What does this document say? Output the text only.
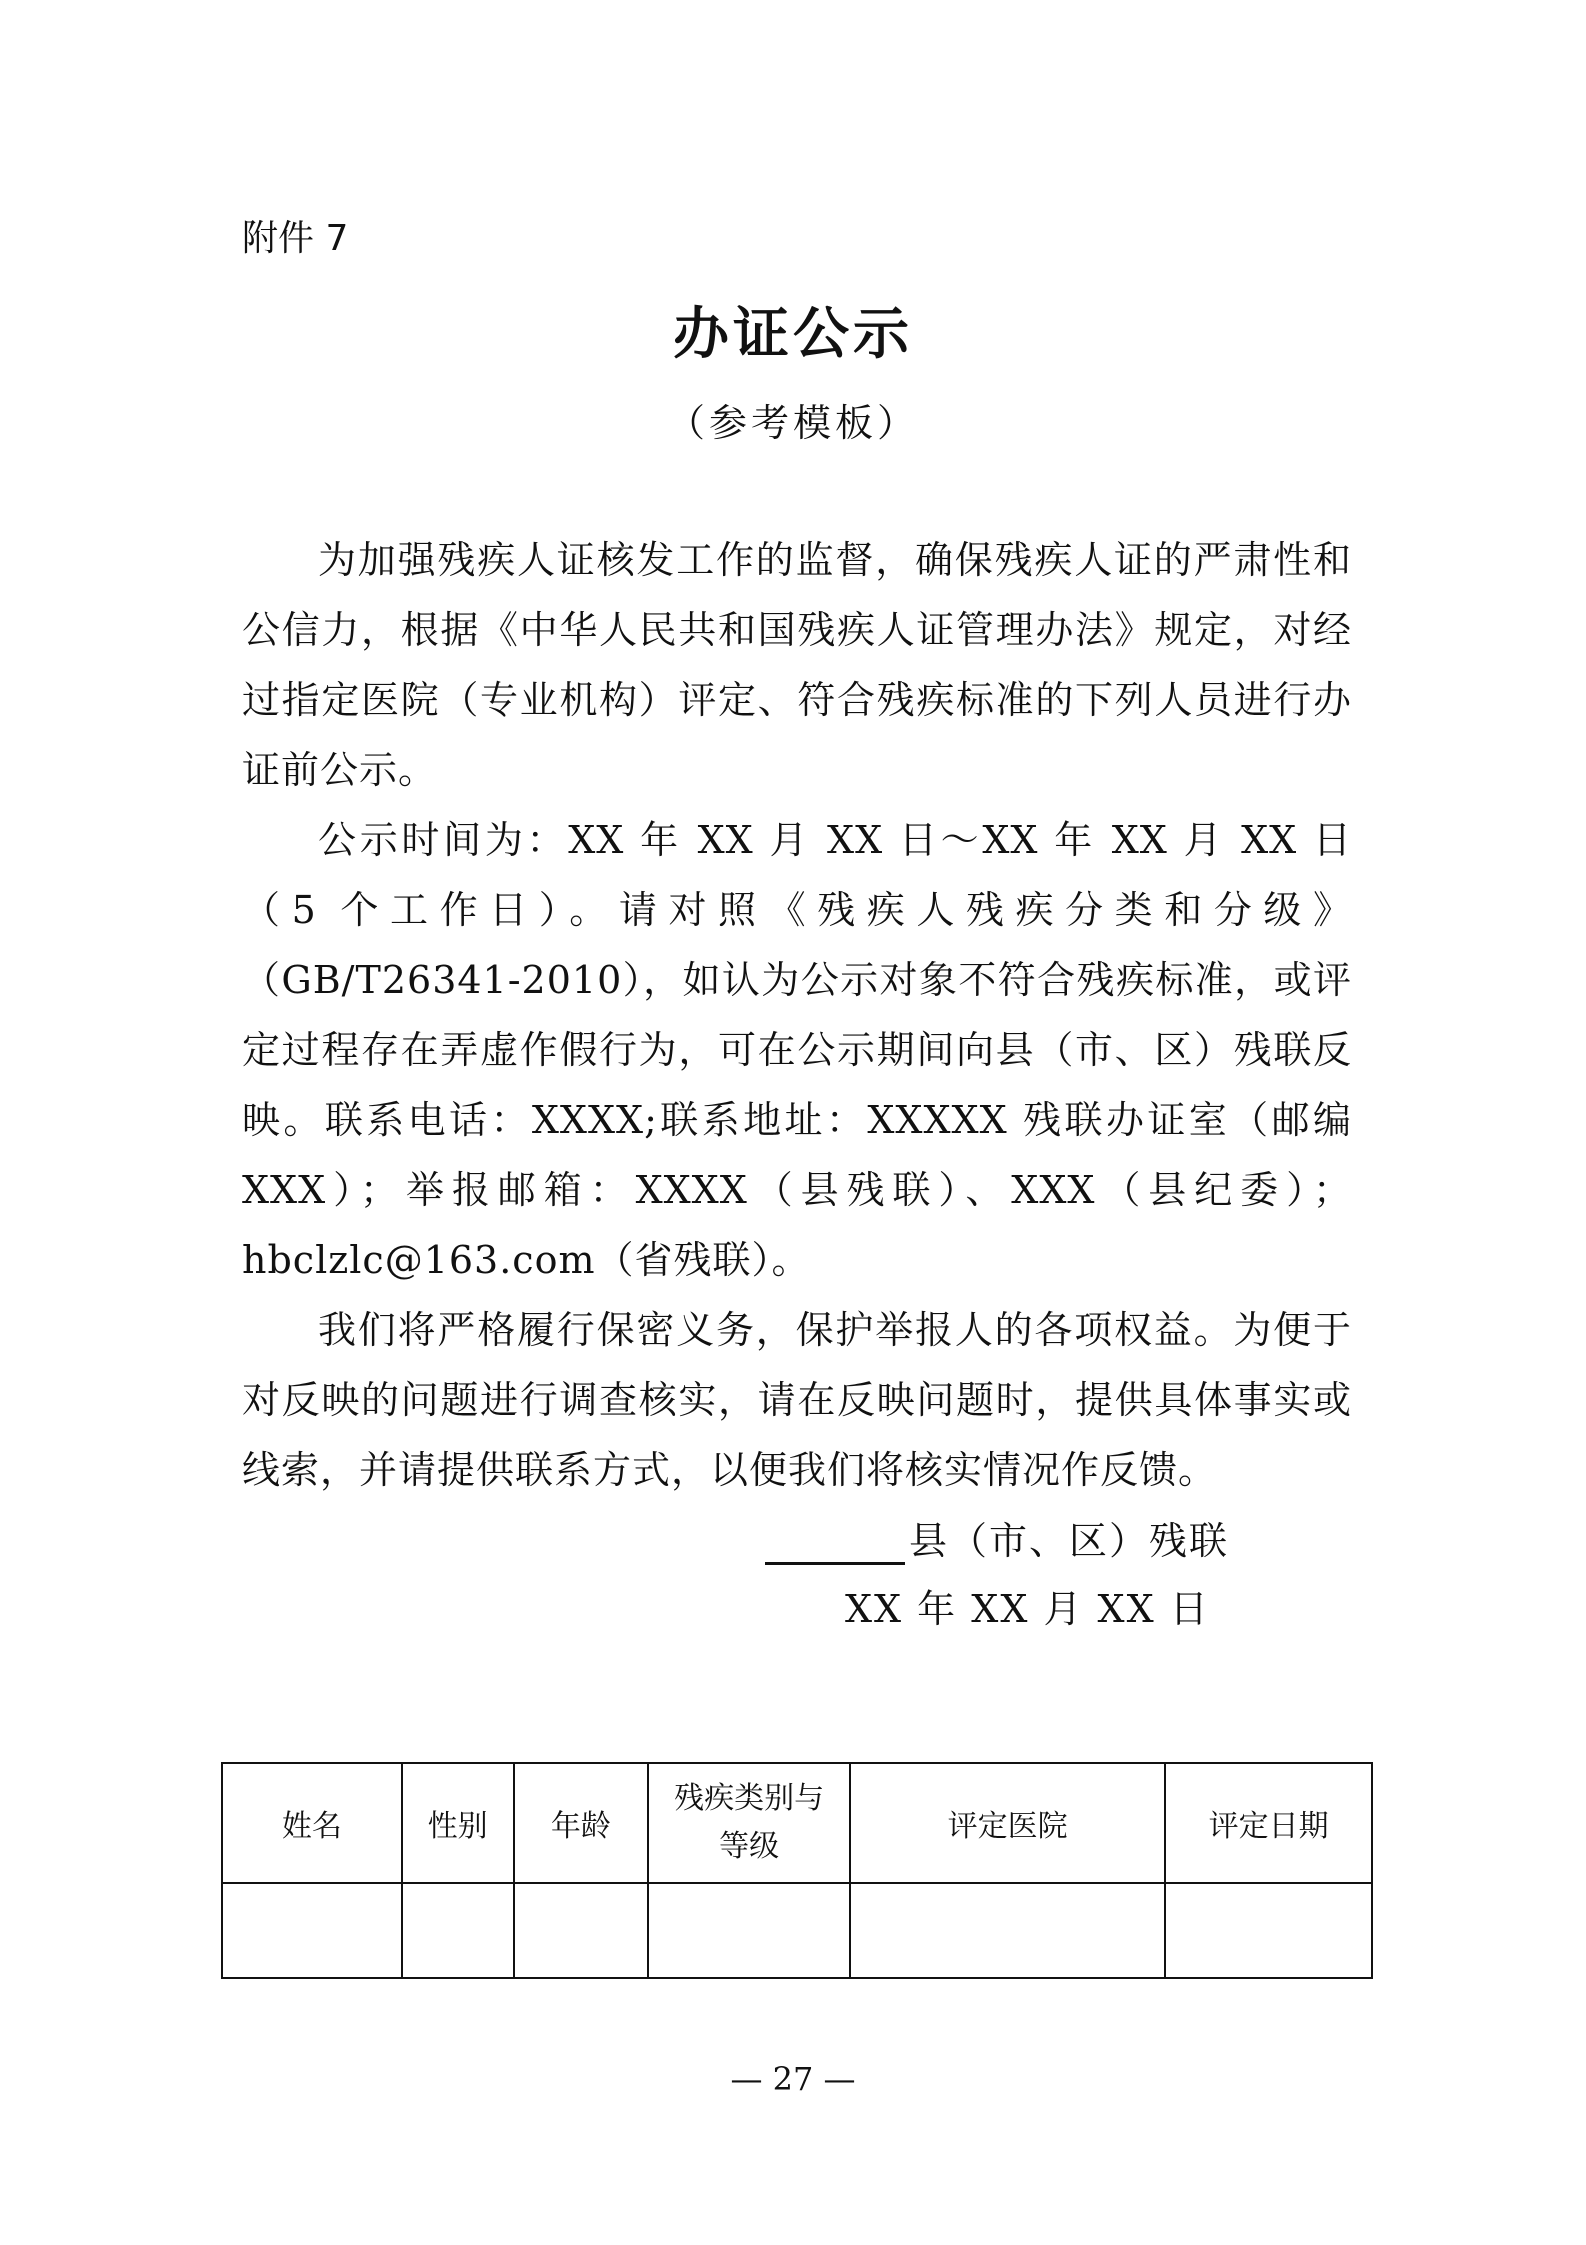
附件 7
办证公示
（参考模板）

为加强残疾人证核发工作的监督，确保残疾人证的严肃性和公信力，根据《中华人民共和国残疾人证管理办法》规定，对经过指定医院（专业机构）评定、符合残疾标准的下列人员进行办证前公示。

公示时间为：XX 年 XX 月 XX 日～XX 年 XX 月 XX 日（5 个工作日）。请对照《残疾人残疾分类和分级》（GB/T26341-2010），如认为公示对象不符合残疾标准，或评定过程存在弄虚作假行为，可在公示期间向县（市、区）残联反映。联系电话：XXXX;联系地址：XXXXX 残联办证室（邮编 XXX）；举报邮箱：XXXX（县残联）、XXX（县纪委）；hbclzlc@163.com（省残联）。

我们将严格履行保密义务，保护举报人的各项权益。为便于对反映的问题进行调查核实，请在反映问题时，提供具体事实或线索，并请提供联系方式，以便我们将核实情况作反馈。

县（市、区）残联
XX 年 XX 月 XX 日
姓名	性别	年龄	残疾类别与等级	评定医院	评定日期

— 27 —
